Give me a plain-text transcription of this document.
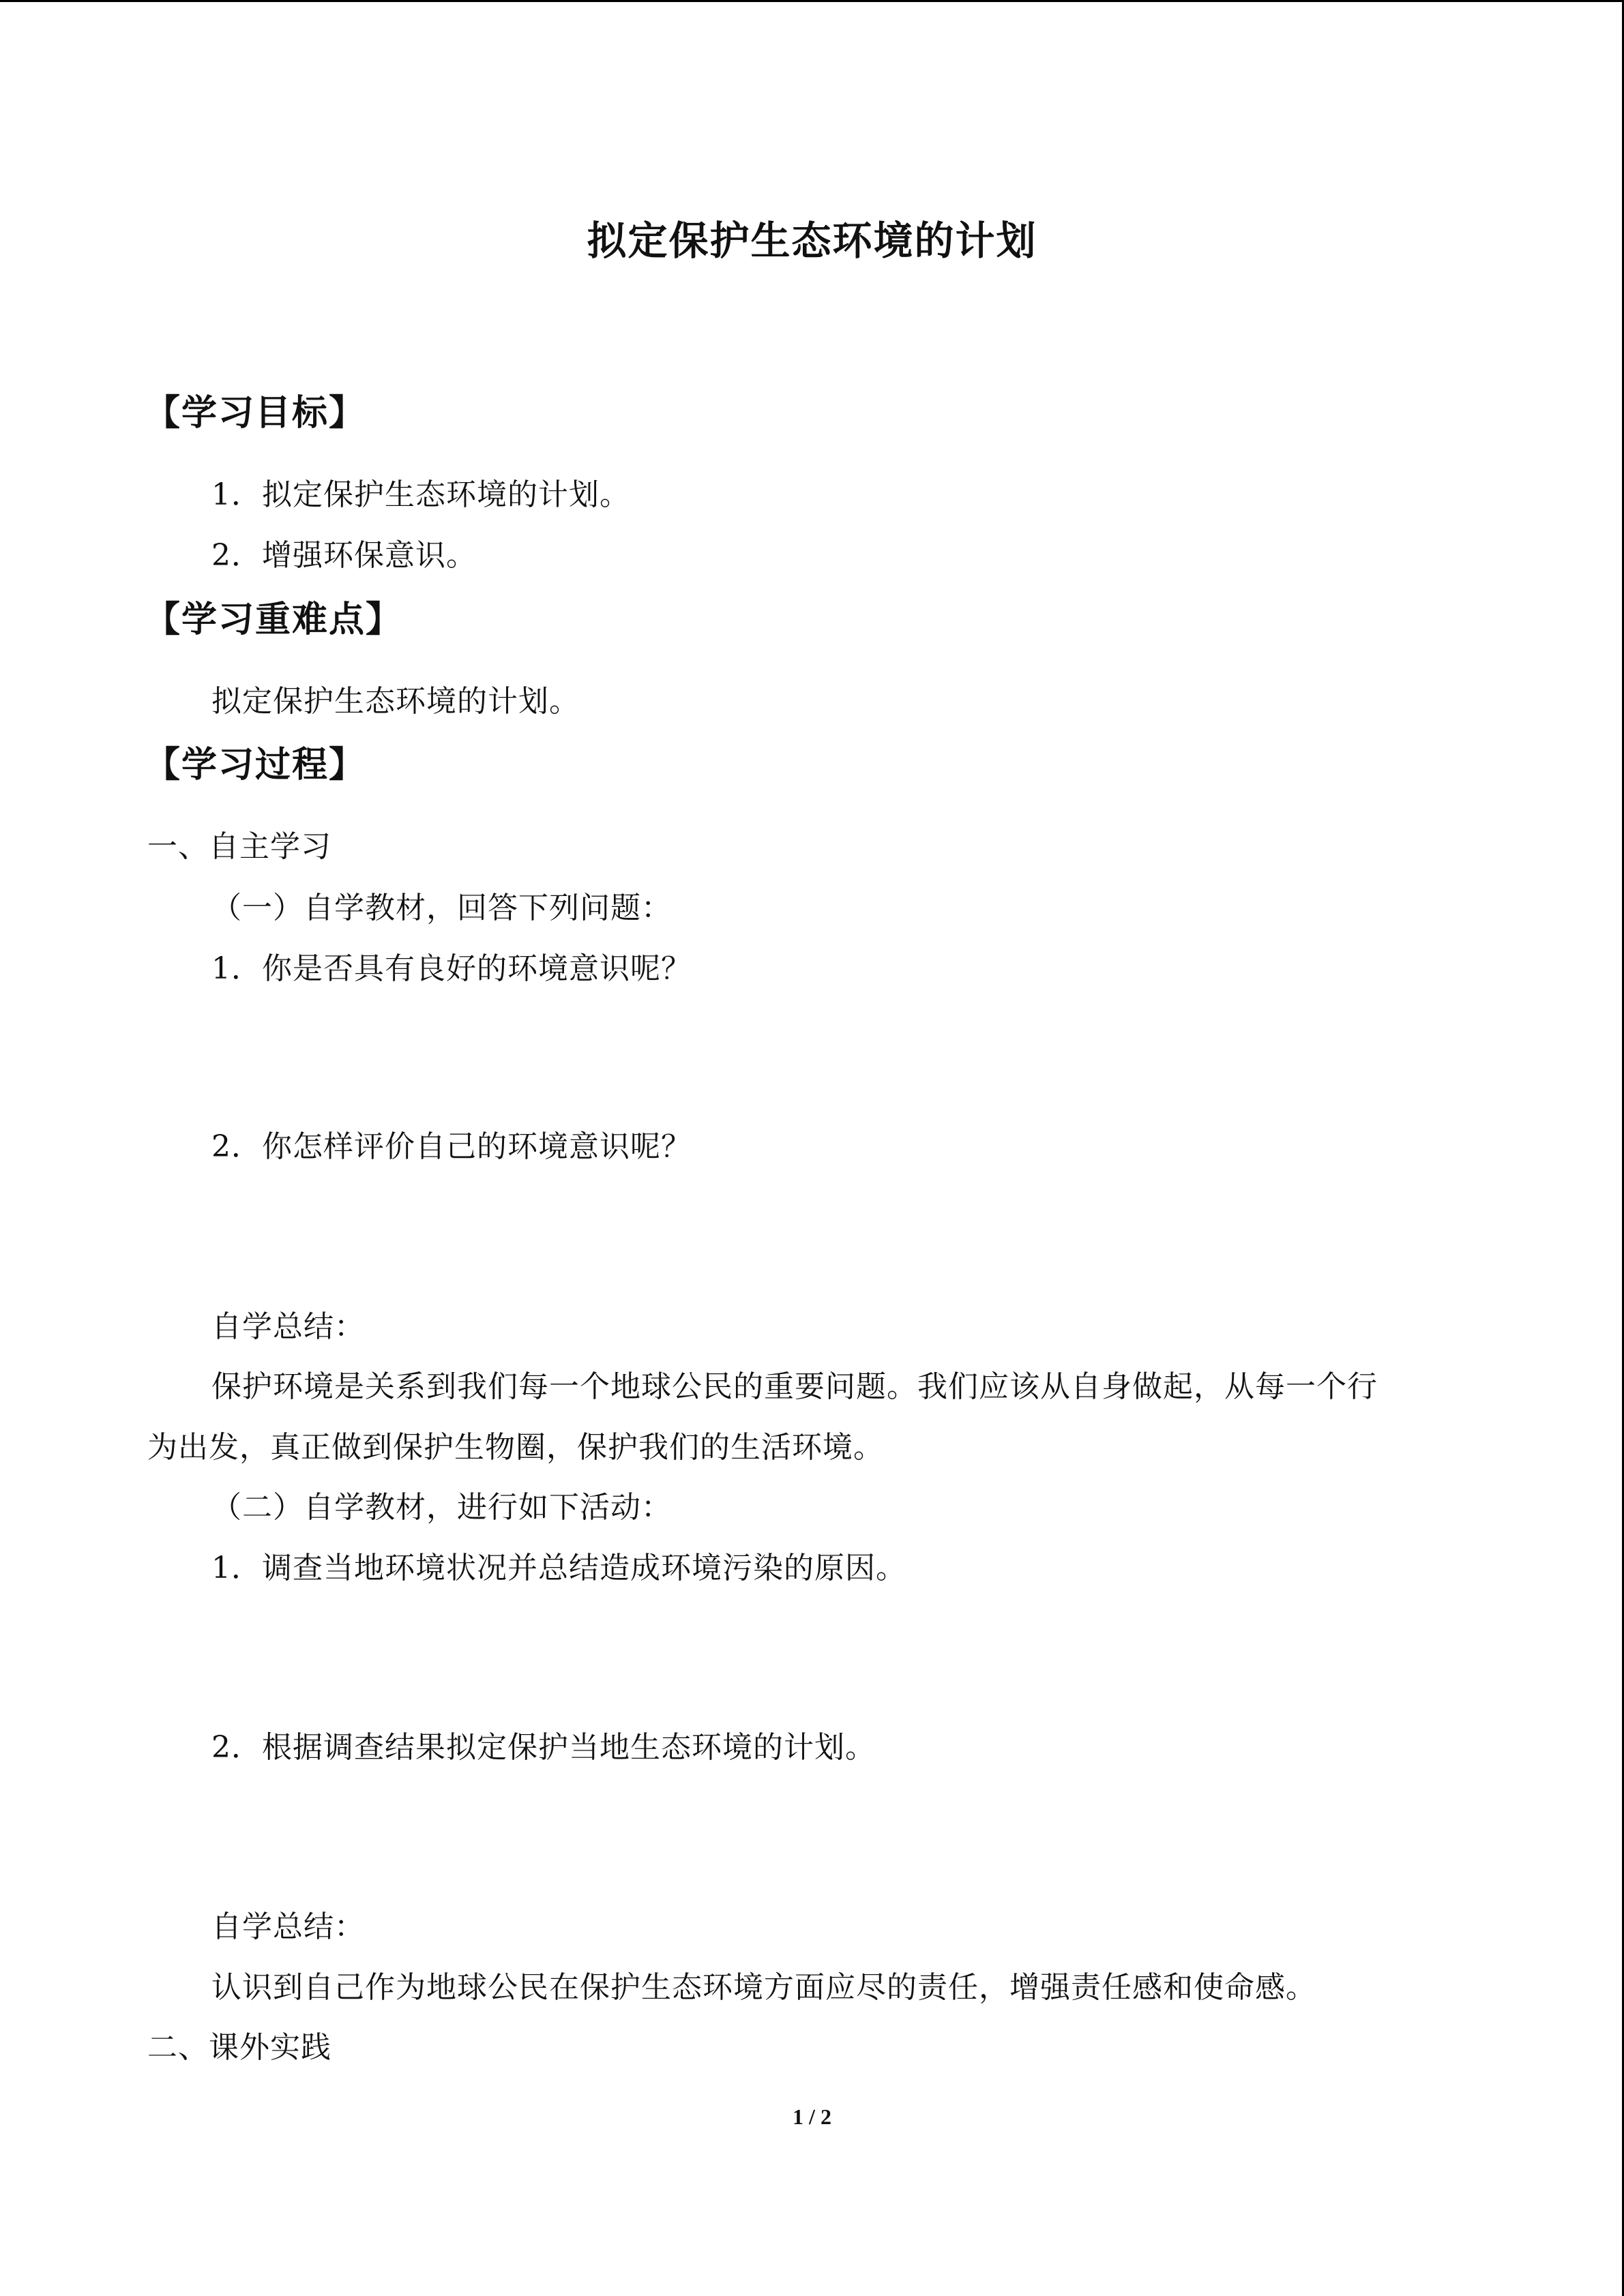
拟定保护生态环境的计划
【学习目标】
1．拟定保护生态环境的计划。
2．增强环保意识。
【学习重难点】
拟定保护生态环境的计划。
【学习过程】
一、自主学习
（一）自学教材，回答下列问题：
1．你是否具有良好的环境意识呢？
2．你怎样评价自己的环境意识呢？
自学总结：
保护环境是关系到我们每一个地球公民的重要问题。我们应该从自身做起，从每一个行
为出发，真正做到保护生物圈，保护我们的生活环境。
（二）自学教材，进行如下活动：
1．调查当地环境状况并总结造成环境污染的原因。
2．根据调查结果拟定保护当地生态环境的计划。
自学总结：
认识到自己作为地球公民在保护生态环境方面应尽的责任，增强责任感和使命感。
二、课外实践
1 / 2
